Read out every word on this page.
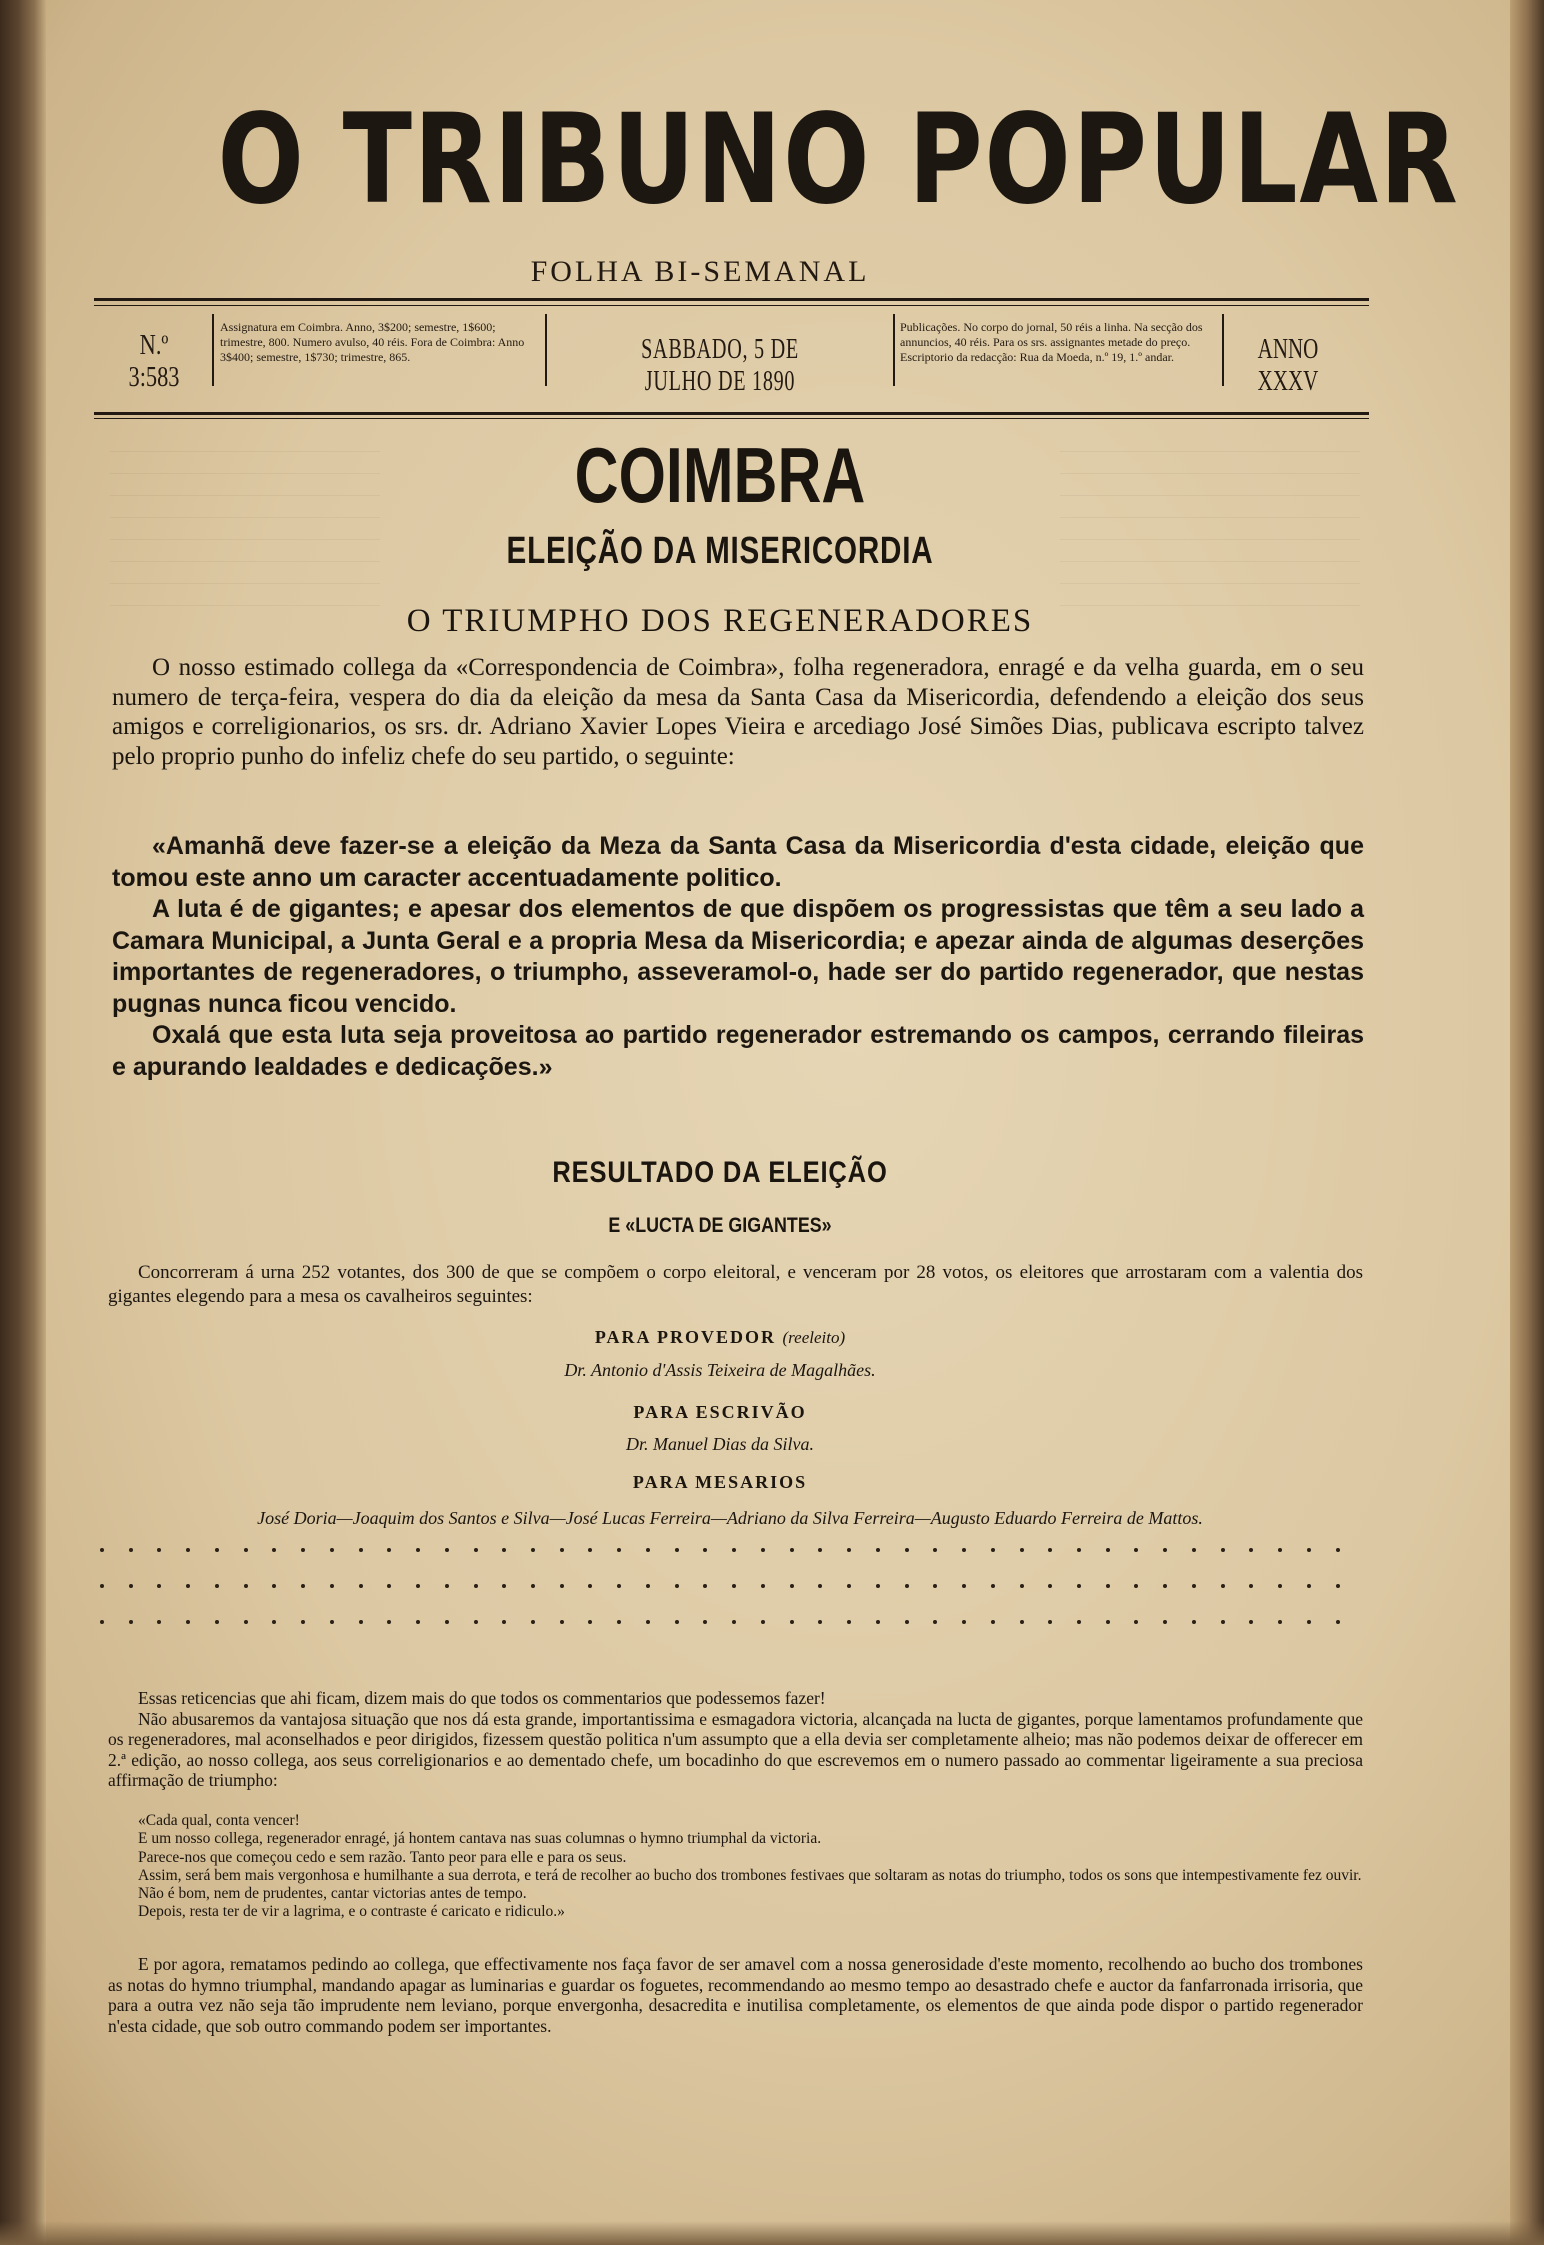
O TRIBUNO POPULAR
FOLHA BI-SEMANAL
N.º 3:583
Assignatura em Coimbra. Anno, 3$200; semestre, 1$600; trimestre, 800. Numero avulso, 40 réis. Fora de Coimbra: Anno 3$400; semestre, 1$730; trimestre, 865.	SABBADO, 5 DE JULHO DE 1890
Publicações. No corpo do jornal, 50 réis a linha. Na secção dos annuncios, 40 réis. Para os srs. assignantes metade do preço. Escriptorio da redacção: Rua da Moeda, n.º 19, 1.º andar.	ANNO XXXV
COIMBRA
ELEIÇÃO DA MISERICORDIA
O TRIUMPHO DOS REGENERADORES
O nosso estimado collega da «Correspondencia de Coimbra», folha regeneradora, enragé e da velha guarda, em o seu numero de terça-feira, vespera do dia da eleição da mesa da Santa Casa da Misericordia, defendendo a eleição dos seus amigos e correligionarios, os srs. dr. Adriano Xavier Lopes Vieira e arcediago José Simões Dias, publicava escripto talvez pelo proprio punho do infeliz chefe do seu partido, o seguinte:
«Amanhã deve fazer-se a eleição da Meza da Santa Casa da Misericordia d'esta cidade, eleição que tomou este anno um caracter accentuadamente politico.
A luta é de gigantes; e apesar dos elementos de que dispõem os progressistas que têm a seu lado a Camara Municipal, a Junta Geral e a propria Mesa da Misericordia; e apezar ainda de algumas deserções importantes de regeneradores, o triumpho, asseveramol-o, hade ser do partido regenerador, que nestas pugnas nunca ficou vencido.
Oxalá que esta luta seja proveitosa ao partido regenerador estremando os campos, cerrando fileiras e apurando lealdades e dedicações.»
RESULTADO DA ELEIÇÃO
E «LUCTA DE GIGANTES»
Concorreram á urna 252 votantes, dos 300 de que se compõem o corpo eleitoral, e venceram por 28 votos, os eleitores que arrostaram com a valentia dos gigantes elegendo para a mesa os cavalheiros seguintes:
PARA PROVEDOR (reeleito)
Dr. Antonio d'Assis Teixeira de Magalhães.
PARA ESCRIVÃO
Dr. Manuel Dias da Silva.
PARA MESARIOS
José Doria—Joaquim dos Santos e Silva—José Lucas Ferreira—Adriano da Silva Ferreira—Augusto Eduardo Ferreira de Mattos.
Essas reticencias que ahi ficam, dizem mais do que todos os commentarios que podessemos fazer!
Não abusaremos da vantajosa situação que nos dá esta grande, importantissima e esmagadora victoria, alcançada na lucta de gigantes, porque lamentamos profundamente que os regeneradores, mal aconselhados e peor dirigidos, fizessem questão politica n'um assumpto que a ella devia ser completamente alheio; mas não podemos deixar de offerecer em 2.ª edição, ao nosso collega, aos seus correligionarios e ao dementado chefe, um bocadinho do que escrevemos em o numero passado ao commentar ligeiramente a sua preciosa affirmação de triumpho:
«Cada qual, conta vencer!
E um nosso collega, regenerador enragé, já hontem cantava nas suas columnas o hymno triumphal da victoria.
Parece-nos que começou cedo e sem razão. Tanto peor para elle e para os seus.
Assim, será bem mais vergonhosa e humilhante a sua derrota, e terá de recolher ao bucho dos trombones festivaes que soltaram as notas do triumpho, todos os sons que intempestivamente fez ouvir.
Não é bom, nem de prudentes, cantar victorias antes de tempo.
Depois, resta ter de vir a lagrima, e o contraste é caricato e ridiculo.»
E por agora, rematamos pedindo ao collega, que effectivamente nos faça favor de ser amavel com a nossa generosidade d'este momento, recolhendo ao bucho dos trombones as notas do hymno triumphal, mandando apagar as luminarias e guardar os foguetes, recommendando ao mesmo tempo ao desastrado chefe e auctor da fanfarronada irrisoria, que para a outra vez não seja tão imprudente nem leviano, porque envergonha, desacredita e inutilisa completamente, os elementos de que ainda pode dispor o partido regenerador n'esta cidade, que sob outro commando podem ser importantes.
